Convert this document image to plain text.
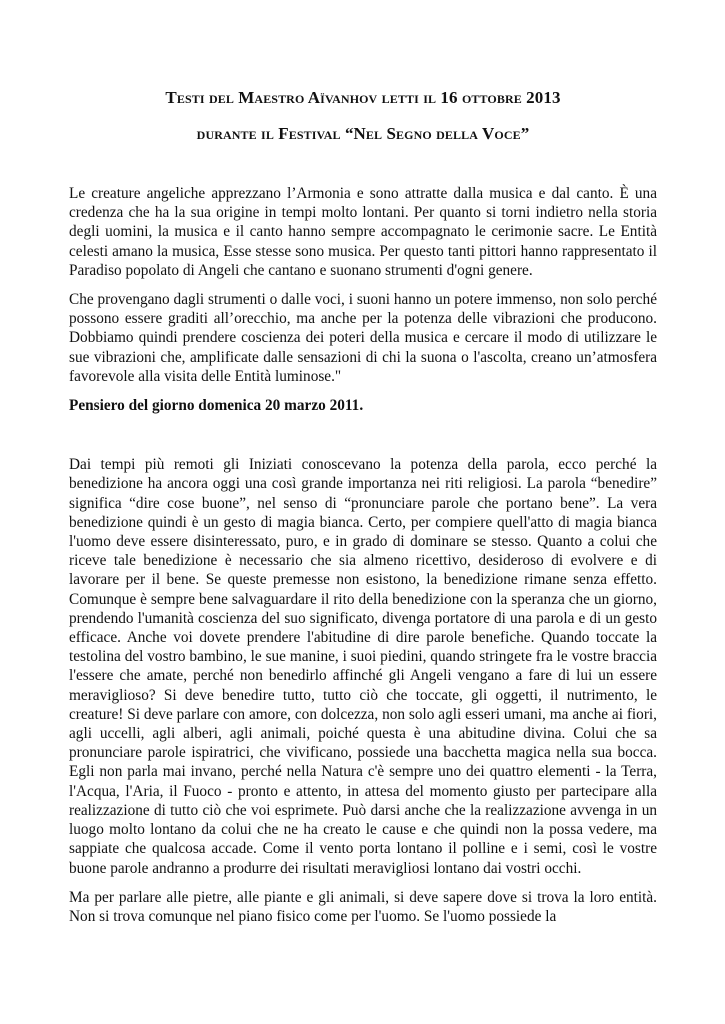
Testi del Maestro Aïvanhov letti il 16 ottobre 2013
durante il Festival “Nel Segno della Voce”

Le creature angeliche apprezzano l’Armonia e sono attratte dalla musica e dal canto. È una credenza che ha la sua origine in tempi molto lontani. Per quanto si torni indietro nella storia degli uomini, la musica e il canto hanno sempre accompagnato le cerimonie sacre. Le Entità celesti amano la musica, Esse stesse sono musica. Per questo tanti pittori hanno rappresentato il Paradiso popolato di Angeli che cantano e suonano strumenti d'ogni genere.

Che provengano dagli strumenti o dalle voci, i suoni hanno un potere immenso, non solo perché possono essere graditi all’orecchio, ma anche per la potenza delle vibrazioni che producono. Dobbiamo quindi prendere coscienza dei poteri della musica e cercare il modo di utilizzare le sue vibrazioni che, amplificate dalle sensazioni di chi la suona o l'ascolta, creano un’atmosfera favorevole alla visita delle Entità luminose."

Pensiero del giorno domenica 20 marzo 2011.

Dai tempi più remoti gli Iniziati conoscevano la potenza della parola, ecco perché la benedizione ha ancora oggi una così grande importanza nei riti religiosi. La parola “benedire” significa “dire cose buone”, nel senso di “pronunciare parole che portano bene”. La vera benedizione quindi è un gesto di magia bianca. Certo, per compiere quell'atto di magia bianca l'uomo deve essere disinteressato, puro, e in grado di dominare se stesso. Quanto a colui che riceve tale benedizione è necessario che sia almeno ricettivo, desideroso di evolvere e di lavorare per il bene. Se queste premesse non esistono, la benedizione rimane senza effetto. Comunque è sempre bene salvaguardare il rito della benedizione con la speranza che un giorno, prendendo l'umanità coscienza del suo significato, divenga portatore di una parola e di un gesto efficace. Anche voi dovete prendere l'abitudine di dire parole benefiche. Quando toccate la testolina del vostro bambino, le sue manine, i suoi piedini, quando stringete fra le vostre braccia l'essere che amate, perché non benedirlo affinché gli Angeli vengano a fare di lui un essere meraviglioso? Si deve benedire tutto, tutto ciò che toccate, gli oggetti, il nutrimento, le creature! Si deve parlare con amore, con dolcezza, non solo agli esseri umani, ma anche ai fiori, agli uccelli, agli alberi, agli animali, poiché questa è una abitudine divina. Colui che sa pronunciare parole ispiratrici, che vivificano, possiede una bacchetta magica nella sua bocca. Egli non parla mai invano, perché nella Natura c'è sempre uno dei quattro elementi - la Terra, l'Acqua, l'Aria, il Fuoco - pronto e attento, in attesa del momento giusto per partecipare alla realizzazione di tutto ciò che voi esprimete. Può darsi anche che la realizzazione avvenga in un luogo molto lontano da colui che ne ha creato le cause e che quindi non la possa vedere, ma sappiate che qualcosa accade. Come il vento porta lontano il polline e i semi, così le vostre buone parole andranno a produrre dei risultati meravigliosi lontano dai vostri occhi.

Ma per parlare alle pietre, alle piante e gli animali, si deve sapere dove si trova la loro entità. Non si trova comunque nel piano fisico come per l'uomo. Se l'uomo possiede la
